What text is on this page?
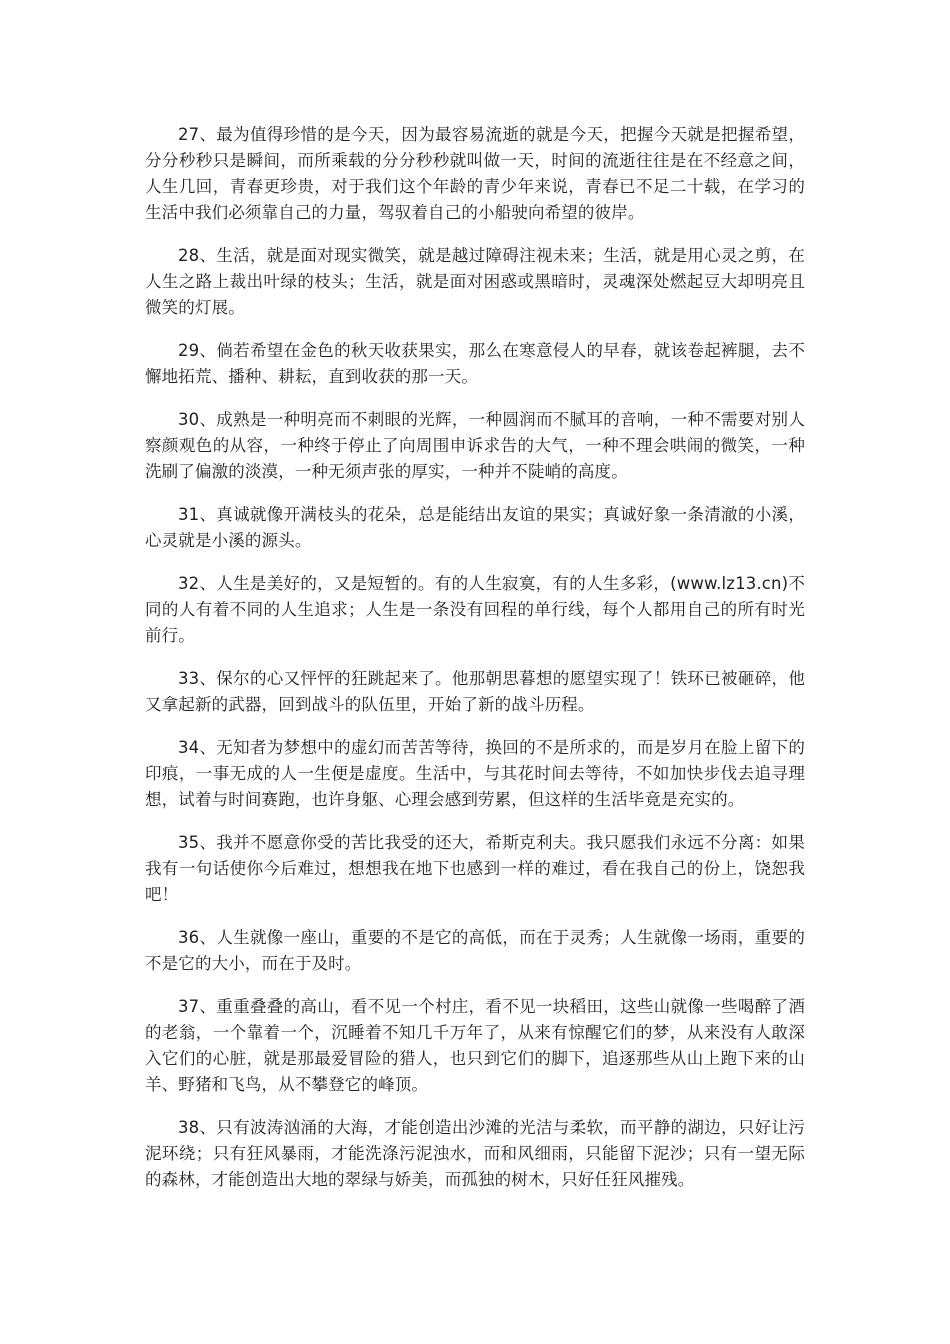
27、最为值得珍惜的是今天，因为最容易流逝的就是今天，把握今天就是把握希望，分分秒秒只是瞬间，而所乘载的分分秒秒就叫做一天，时间的流逝往往是在不经意之间，人生几回，青春更珍贵，对于我们这个年龄的青少年来说，青春已不足二十载，在学习的生活中我们必须靠自己的力量，驾驭着自己的小船驶向希望的彼岸。

28、生活，就是面对现实微笑，就是越过障碍注视未来；生活，就是用心灵之剪，在人生之路上裁出叶绿的枝头；生活，就是面对困惑或黑暗时，灵魂深处燃起豆大却明亮且微笑的灯展。

29、倘若希望在金色的秋天收获果实，那么在寒意侵人的早春，就该卷起裤腿，去不懈地拓荒、播种、耕耘，直到收获的那一天。

30、成熟是一种明亮而不刺眼的光辉，一种圆润而不腻耳的音响，一种不需要对别人察颜观色的从容，一种终于停止了向周围申诉求告的大气，一种不理会哄闹的微笑，一种洗刷了偏激的淡漠，一种无须声张的厚实，一种并不陡峭的高度。

31、真诚就像开满枝头的花朵，总是能结出友谊的果实；真诚好象一条清澈的小溪，心灵就是小溪的源头。

32、人生是美好的，又是短暂的。有的人生寂寞，有的人生多彩，(www.lz13.cn)不同的人有着不同的人生追求；人生是一条没有回程的单行线，每个人都用自己的所有时光前行。

33、保尔的心又怦怦的狂跳起来了。他那朝思暮想的愿望实现了！铁环已被砸碎，他又拿起新的武器，回到战斗的队伍里，开始了新的战斗历程。

34、无知者为梦想中的虚幻而苦苦等待，换回的不是所求的，而是岁月在脸上留下的印痕，一事无成的人一生便是虚度。生活中，与其花时间去等待，不如加快步伐去追寻理想，试着与时间赛跑，也许身躯、心理会感到劳累，但这样的生活毕竟是充实的。

35、我并不愿意你受的苦比我受的还大，希斯克利夫。我只愿我们永远不分离：如果我有一句话使你今后难过，想想我在地下也感到一样的难过，看在我自己的份上，饶恕我吧！

36、人生就像一座山，重要的不是它的高低，而在于灵秀；人生就像一场雨，重要的不是它的大小，而在于及时。

37、重重叠叠的高山，看不见一个村庄，看不见一块稻田，这些山就像一些喝醉了酒的老翁，一个靠着一个，沉睡着不知几千万年了，从来有惊醒它们的梦，从来没有人敢深入它们的心脏，就是那最爱冒险的猎人，也只到它们的脚下，追逐那些从山上跑下来的山羊、野猪和飞鸟，从不攀登它的峰顶。

38、只有波涛汹涌的大海，才能创造出沙滩的光洁与柔软，而平静的湖边，只好让污泥环绕；只有狂风暴雨，才能洗涤污泥浊水，而和风细雨，只能留下泥沙；只有一望无际的森林，才能创造出大地的翠绿与娇美，而孤独的树木，只好任狂风摧残。
